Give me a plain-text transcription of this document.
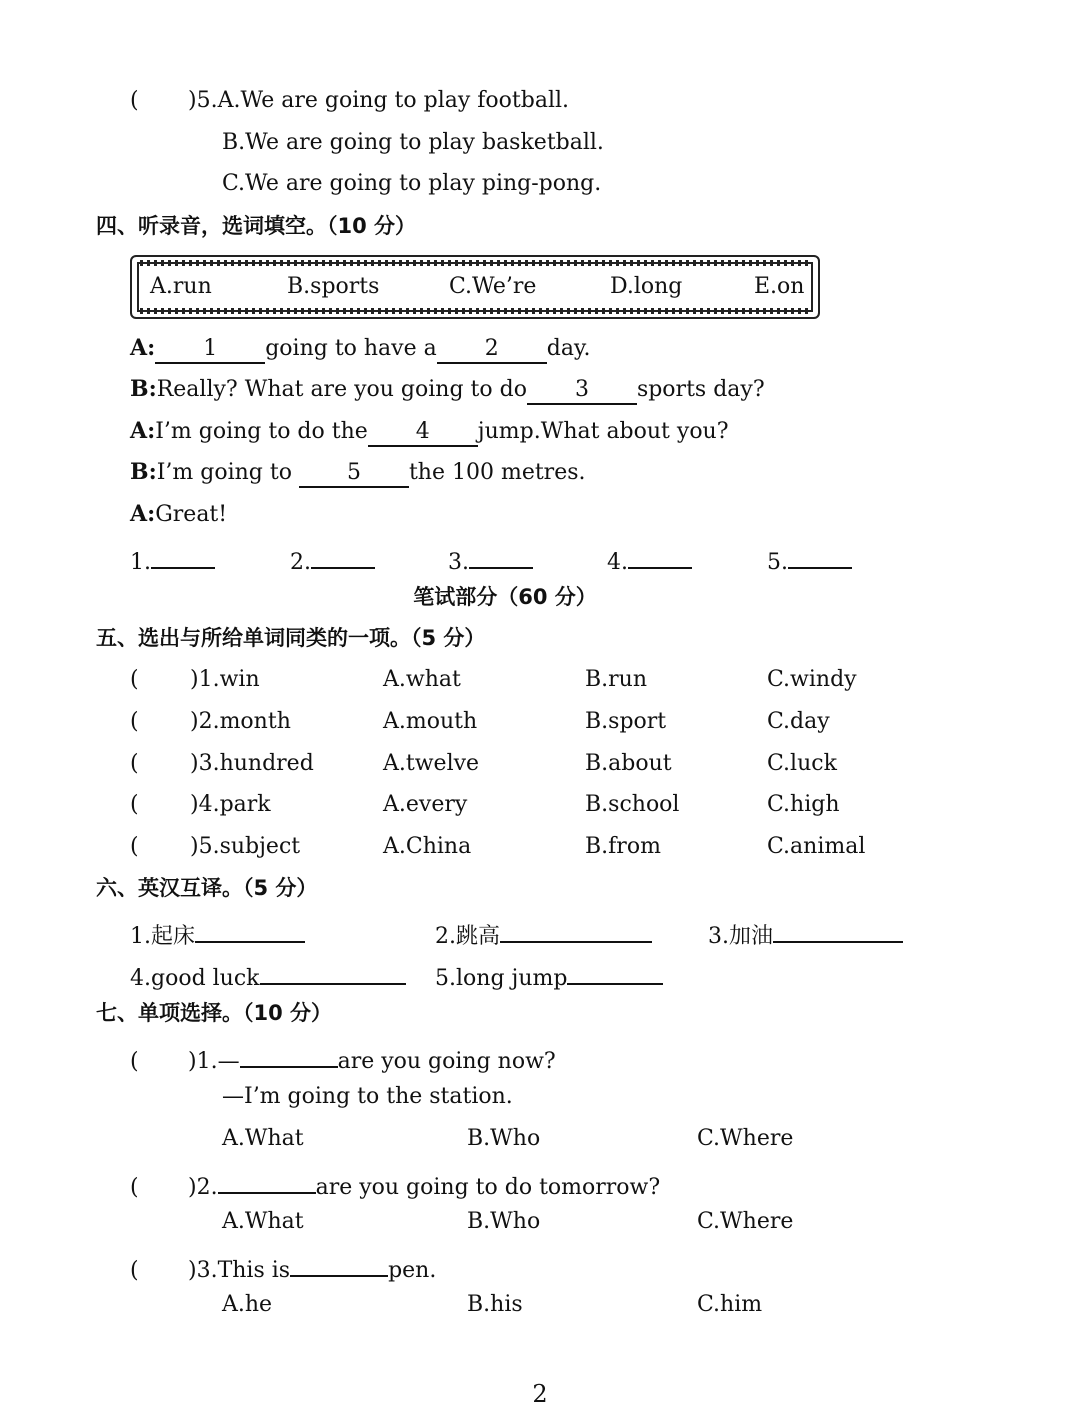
( )5.A.We are going to play football.
B.We are going to play basketball.
C.We are going to play ping-pong.
四、听录音，选词填空。（10 分）
A.run	B.sports	C.We’re	D.long	E.on
A: 1 going to have a 2 day.
B:Really? What are you going to do 3 sports day?
A:I’m going to do the 4 jump.What about you?
B:I’m going to	5 the 100 metres.
A:Great!
1.	2.	3.	4.	5.
笔试部分（60 分）
五、选出与所给单词同类的一项。（5 分）
( )1.win	A.what	B.run	C.windy
( )2.month	A.mouth	B.sport	C.day
( )3.hundred	A.twelve	B.about	C.luck
( )4.park	A.every	B.school	C.high
( )5.subject	A.China	B.from	C.animal
六、英汉互译。（5 分）
1.起床	2.跳高	3.加油
4.good luck	5.long jump
七、单项选择。（10 分）
( )1.—	are you going now?
—I’m going to the station.
A.What	B.Who	C.Where
( )2.	are you going to do tomorrow?
A.What	B.Who	C.Where
( )3.This is	pen.
A.he	B.his	C.him
2
